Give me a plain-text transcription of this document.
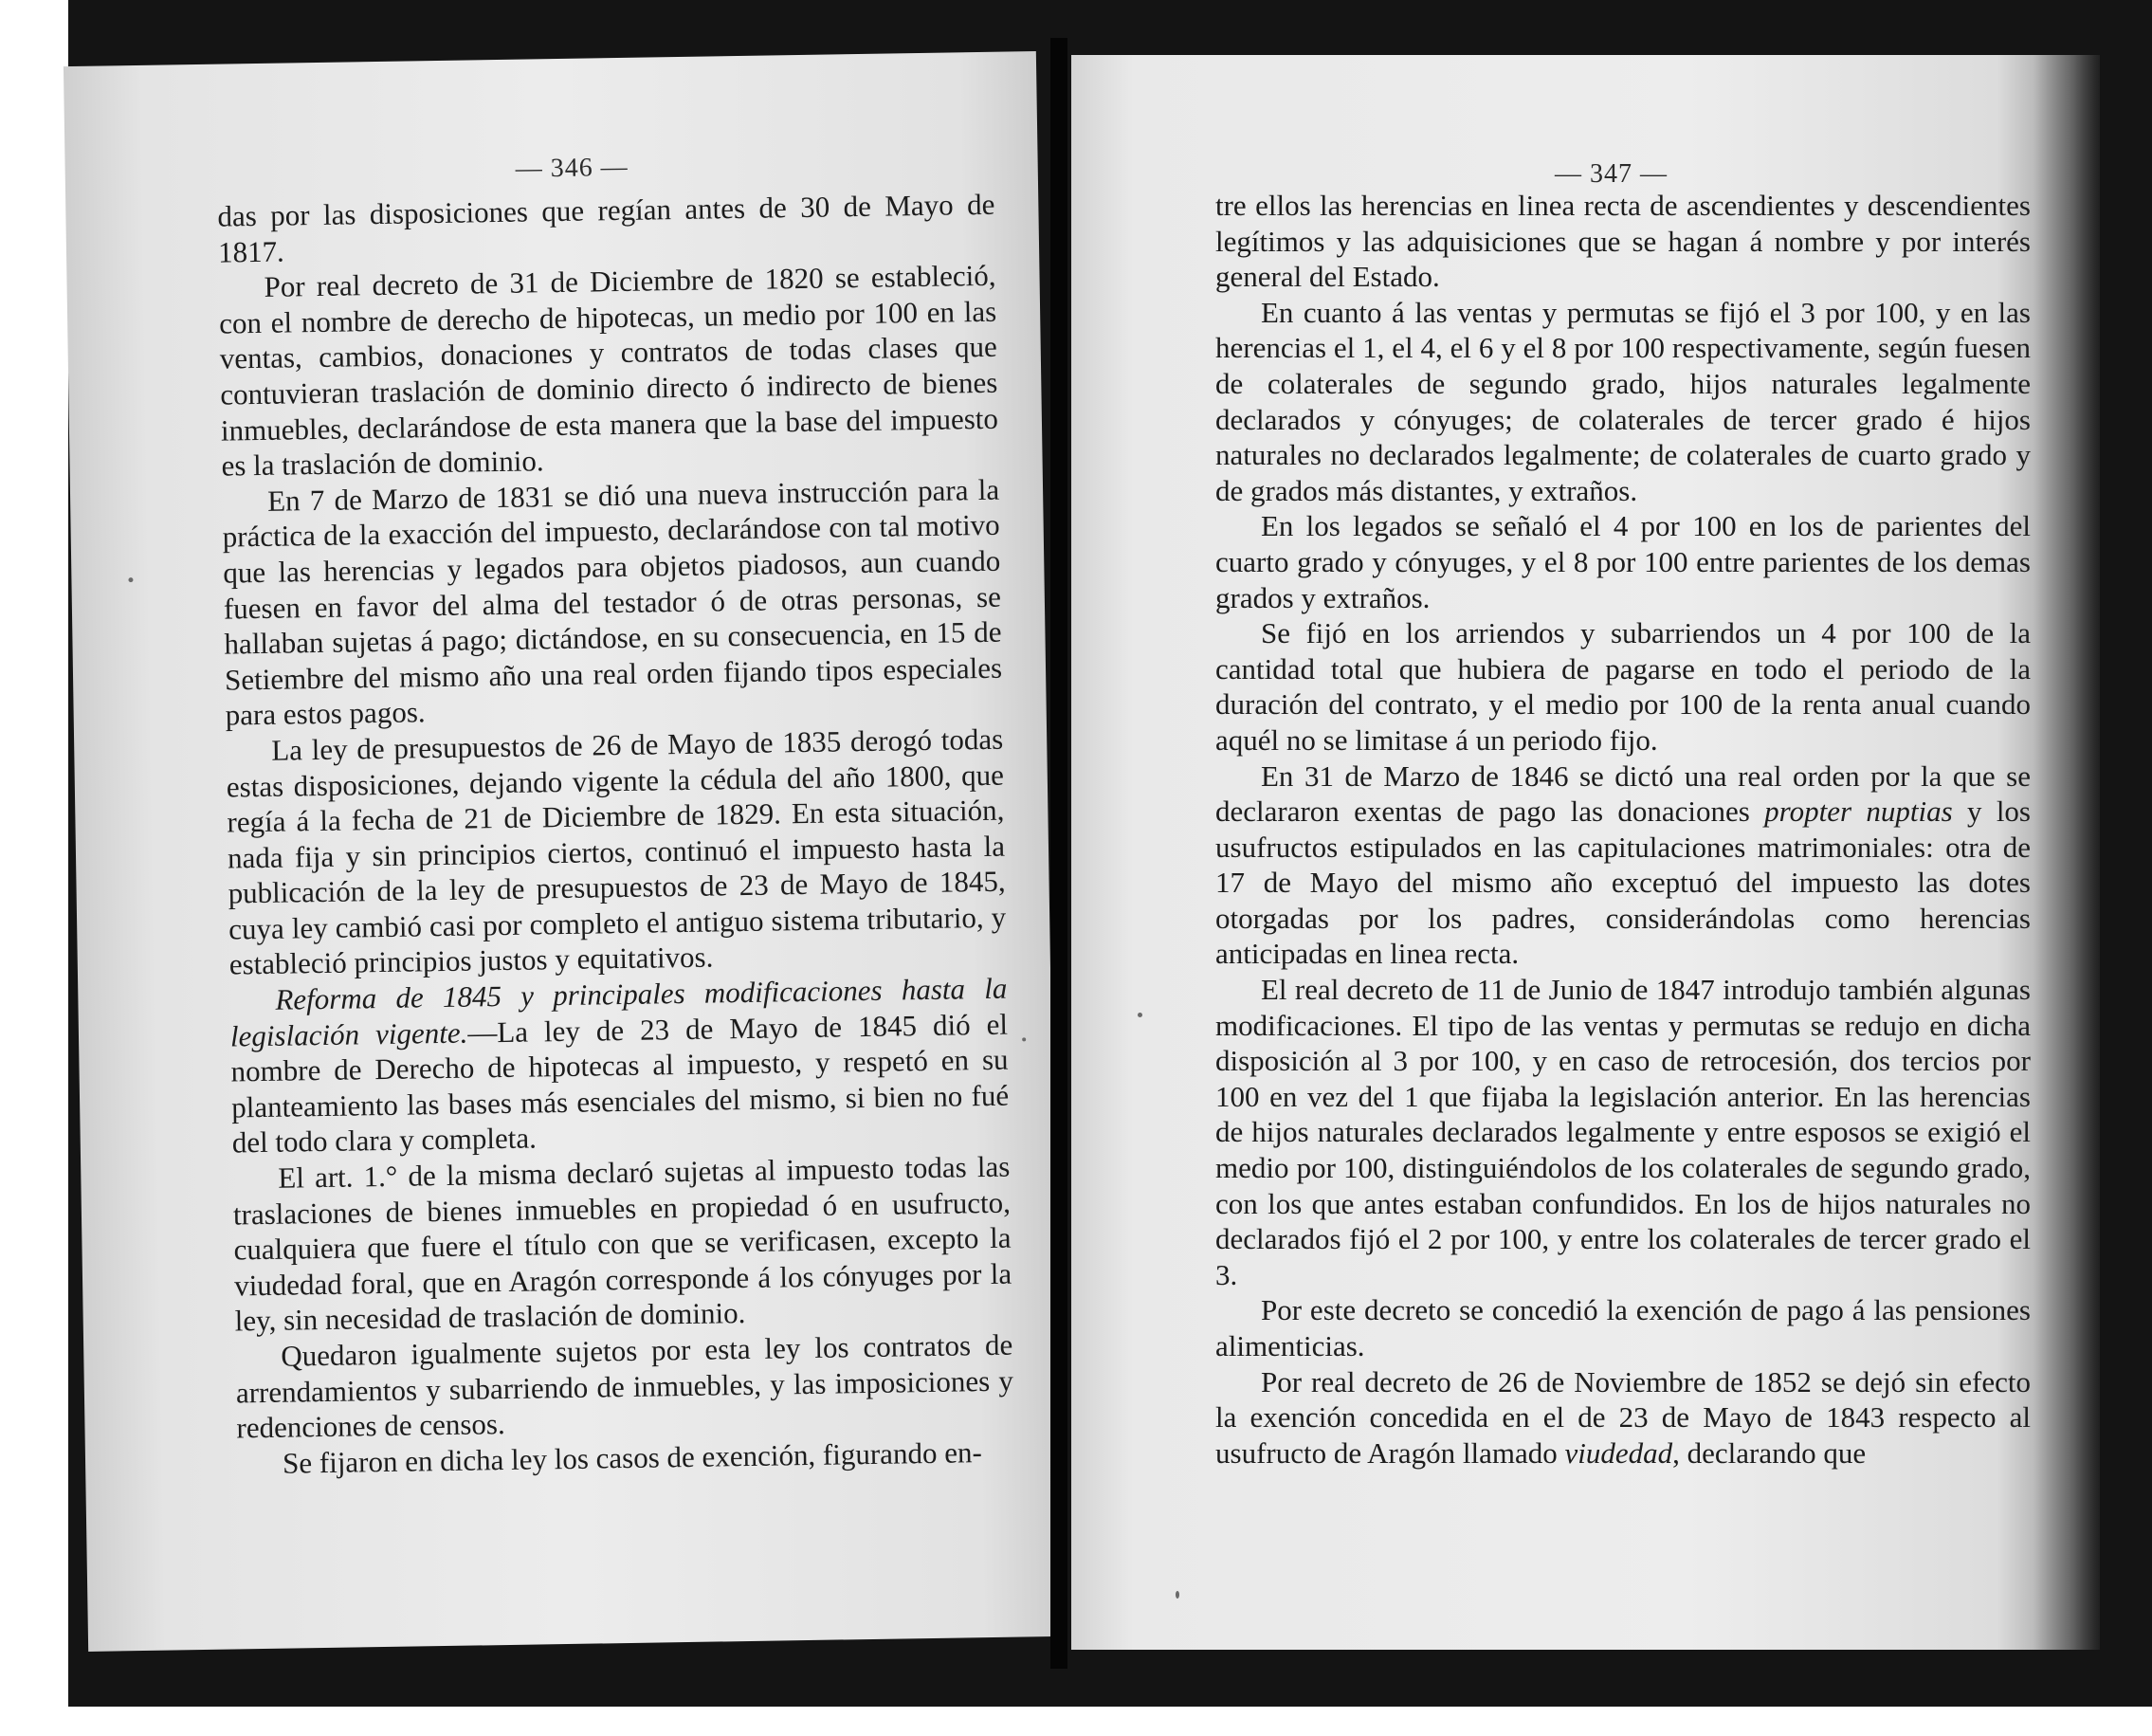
— 346 —

das por las disposiciones que regían antes de 30 de Mayo de 1817.

Por real decreto de 31 de Diciembre de 1820 se estableció, con el nombre de derecho de hipotecas, un medio por 100 en las ventas, cambios, donaciones y contratos de todas clases que contuvieran traslación de dominio directo ó indirecto de bienes inmuebles, declarándose de esta manera que la base del impuesto es la traslación de dominio.

En 7 de Marzo de 1831 se dió una nueva instrucción para la práctica de la exacción del impuesto, declarándose con tal motivo que las herencias y legados para objetos piadosos, aun cuando fuesen en favor del alma del testador ó de otras personas, se hallaban sujetas á pago; dictándose, en su consecuencia, en 15 de Setiembre del mismo año una real orden fijando tipos especiales para estos pagos.

La ley de presupuestos de 26 de Mayo de 1835 derogó todas estas disposiciones, dejando vigente la cédula del año 1800, que regía á la fecha de 21 de Diciembre de 1829. En esta situación, nada fija y sin principios ciertos, continuó el impuesto hasta la publicación de la ley de presupuestos de 23 de Mayo de 1845, cuya ley cambió casi por completo el antiguo sistema tributario, y estableció principios justos y equitativos.

Reforma de 1845 y principales modificaciones hasta la legislación vigente.—La ley de 23 de Mayo de 1845 dió el nombre de Derecho de hipotecas al impuesto, y respetó en su planteamiento las bases más esenciales del mismo, si bien no fué del todo clara y completa.

El art. 1.° de la misma declaró sujetas al impuesto todas las traslaciones de bienes inmuebles en propiedad ó en usufructo, cualquiera que fuere el título con que se verificasen, excepto la viudedad foral, que en Aragón corresponde á los cónyuges por la ley, sin necesidad de traslación de dominio.

Quedaron igualmente sujetos por esta ley los contratos de arrendamientos y subarriendo de inmuebles, y las imposiciones y redenciones de censos.

Se fijaron en dicha ley los casos de exención, figurando en-

— 347 —

tre ellos las herencias en linea recta de ascendientes y descendientes legítimos y las adquisiciones que se hagan á nombre y por interés general del Estado.

En cuanto á las ventas y permutas se fijó el 3 por 100, y en las herencias el 1, el 4, el 6 y el 8 por 100 respectivamente, según fuesen de colaterales de segundo grado, hijos naturales legalmente declarados y cónyuges; de colaterales de tercer grado é hijos naturales no declarados legalmente; de colaterales de cuarto grado y de grados más distantes, y extraños.

En los legados se señaló el 4 por 100 en los de parientes del cuarto grado y cónyuges, y el 8 por 100 entre parientes de los demas grados y extraños.

Se fijó en los arriendos y subarriendos un 4 por 100 de la cantidad total que hubiera de pagarse en todo el periodo de la duración del contrato, y el medio por 100 de la renta anual cuando aquél no se limitase á un periodo fijo.

En 31 de Marzo de 1846 se dictó una real orden por la que se declararon exentas de pago las donaciones propter nuptias y los usufructos estipulados en las capitulaciones matrimoniales: otra de 17 de Mayo del mismo año exceptuó del impuesto las dotes otorgadas por los padres, considerándolas como herencias anticipadas en linea recta.

El real decreto de 11 de Junio de 1847 introdujo también algunas modificaciones. El tipo de las ventas y permutas se redujo en dicha disposición al 3 por 100, y en caso de retrocesión, dos tercios por 100 en vez del 1 que fijaba la legislación anterior. En las herencias de hijos naturales declarados legalmente y entre esposos se exigió el medio por 100, distinguiéndolos de los colaterales de segundo grado, con los que antes estaban confundidos. En los de hijos naturales no declarados fijó el 2 por 100, y entre los colaterales de tercer grado el 3.

Por este decreto se concedió la exención de pago á las pensiones alimenticias.

Por real decreto de 26 de Noviembre de 1852 se dejó sin efecto la exención concedida en el de 23 de Mayo de 1843 respecto al usufructo de Aragón llamado viudedad, declarando que
